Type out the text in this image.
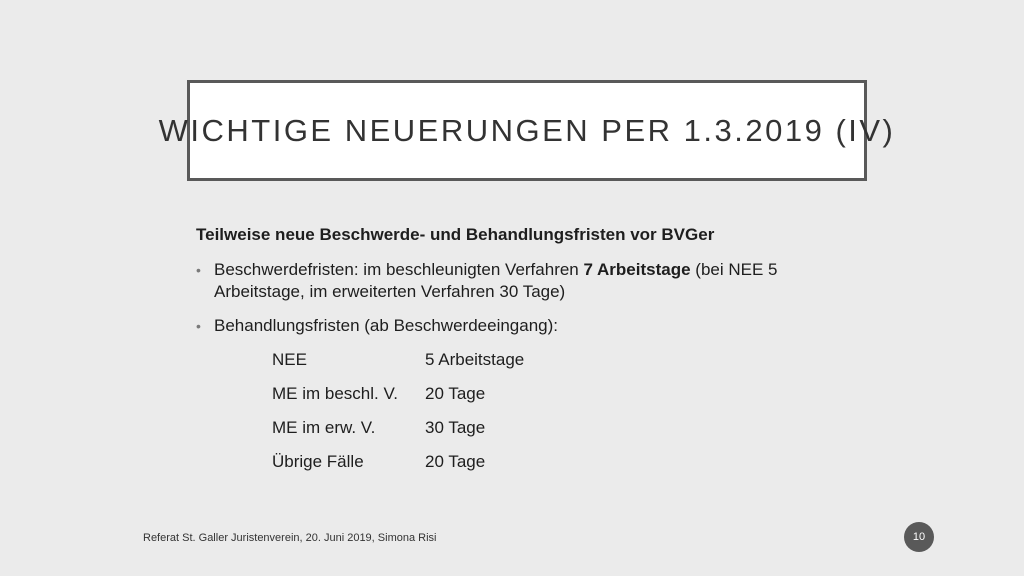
WICHTIGE NEUERUNGEN PER 1.3.2019 (IV)
Teilweise neue Beschwerde- und Behandlungsfristen vor BVGer
• Beschwerdefristen: im beschleunigten Verfahren 7 Arbeitstage (bei NEE 5 Arbeitstage, im erweiterten Verfahren 30 Tage)
• Behandlungsfristen (ab Beschwerdeeingang):
NEE	5 Arbeitstage
ME im beschl. V.	20 Tage
ME im erw. V.	30 Tage
Übrige Fälle	20 Tage
Referat St. Galler Juristenverein, 20. Juni 2019, Simona Risi	10
